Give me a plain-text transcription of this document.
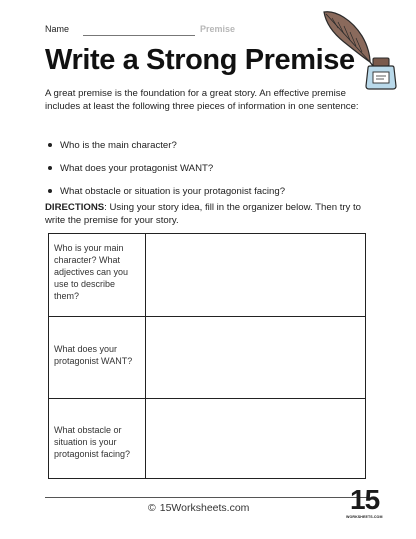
Name	Premise
Write a Strong Premise
A great premise is the foundation for a great story. An effective premise includes at least the following three pieces of information in one sentence:
Who is the main character?
What does your protagonist WANT?
What obstacle or situation is your protagonist facing?
DIRECTIONS: Using your story idea, fill in the organizer below. Then try to write the premise for your story.
Who is your main character? What adjectives can you use to describe them?
What does your protagonist WANT?
What obstacle or situation is your protagonist facing?
© 15Worksheets.com	15
WORKSHEETS.COM
